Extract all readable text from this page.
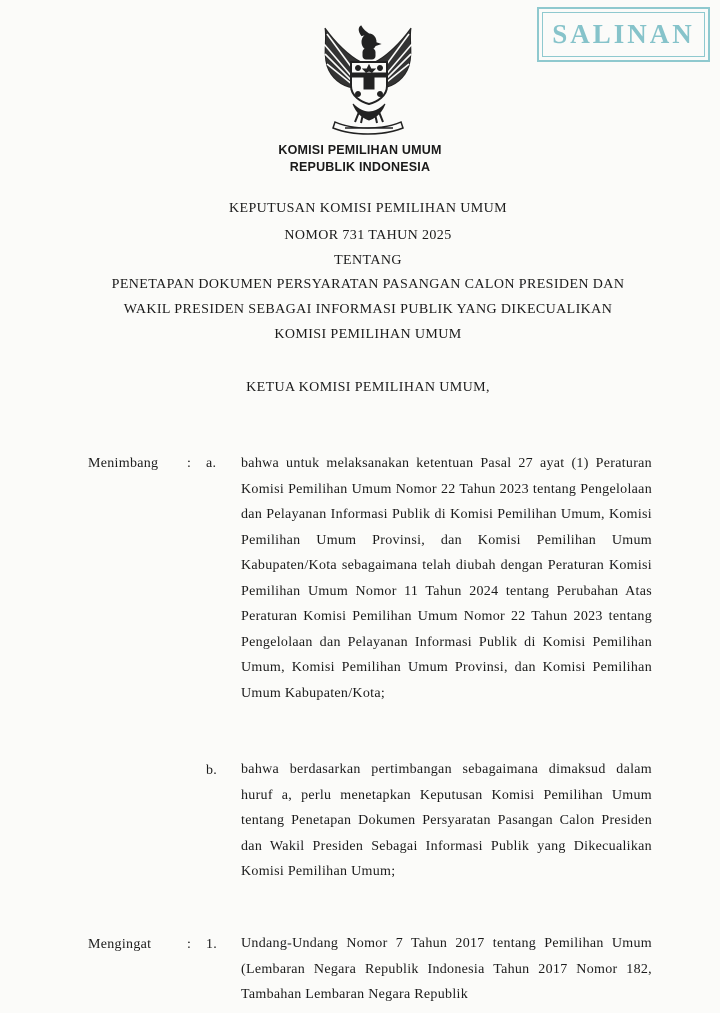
SALINAN
KOMISI PEMILIHAN UMUM
REPUBLIK INDONESIA
KEPUTUSAN KOMISI PEMILIHAN UMUM
NOMOR 731 TAHUN 2025
TENTANG
PENETAPAN DOKUMEN PERSYARATAN PASANGAN CALON PRESIDEN DAN
WAKIL PRESIDEN SEBAGAI INFORMASI PUBLIK YANG DIKECUALIKAN
KOMISI PEMILIHAN UMUM
KETUA KOMISI PEMILIHAN UMUM,
Menimbang : a. bahwa untuk melaksanakan ketentuan Pasal 27 ayat (1) Peraturan Komisi Pemilihan Umum Nomor 22 Tahun 2023 tentang Pengelolaan dan Pelayanan Informasi Publik di Komisi Pemilihan Umum, Komisi Pemilihan Umum Provinsi, dan Komisi Pemilihan Umum Kabupaten/Kota sebagaimana telah diubah dengan Peraturan Komisi Pemilihan Umum Nomor 11 Tahun 2024 tentang Perubahan Atas Peraturan Komisi Pemilihan Umum Nomor 22 Tahun 2023 tentang Pengelolaan dan Pelayanan Informasi Publik di Komisi Pemilihan Umum, Komisi Pemilihan Umum Provinsi, dan Komisi Pemilihan Umum Kabupaten/Kota;

b. bahwa berdasarkan pertimbangan sebagaimana dimaksud dalam huruf a, perlu menetapkan Keputusan Komisi Pemilihan Umum tentang Penetapan Dokumen Persyaratan Pasangan Calon Presiden dan Wakil Presiden Sebagai Informasi Publik yang Dikecualikan Komisi Pemilihan Umum;

Mengingat	: 1. Undang-Undang Nomor 7 Tahun 2017 tentang Pemilihan Umum (Lembaran Negara Republik Indonesia Tahun 2017 Nomor 182, Tambahan Lembaran Negara Republik
